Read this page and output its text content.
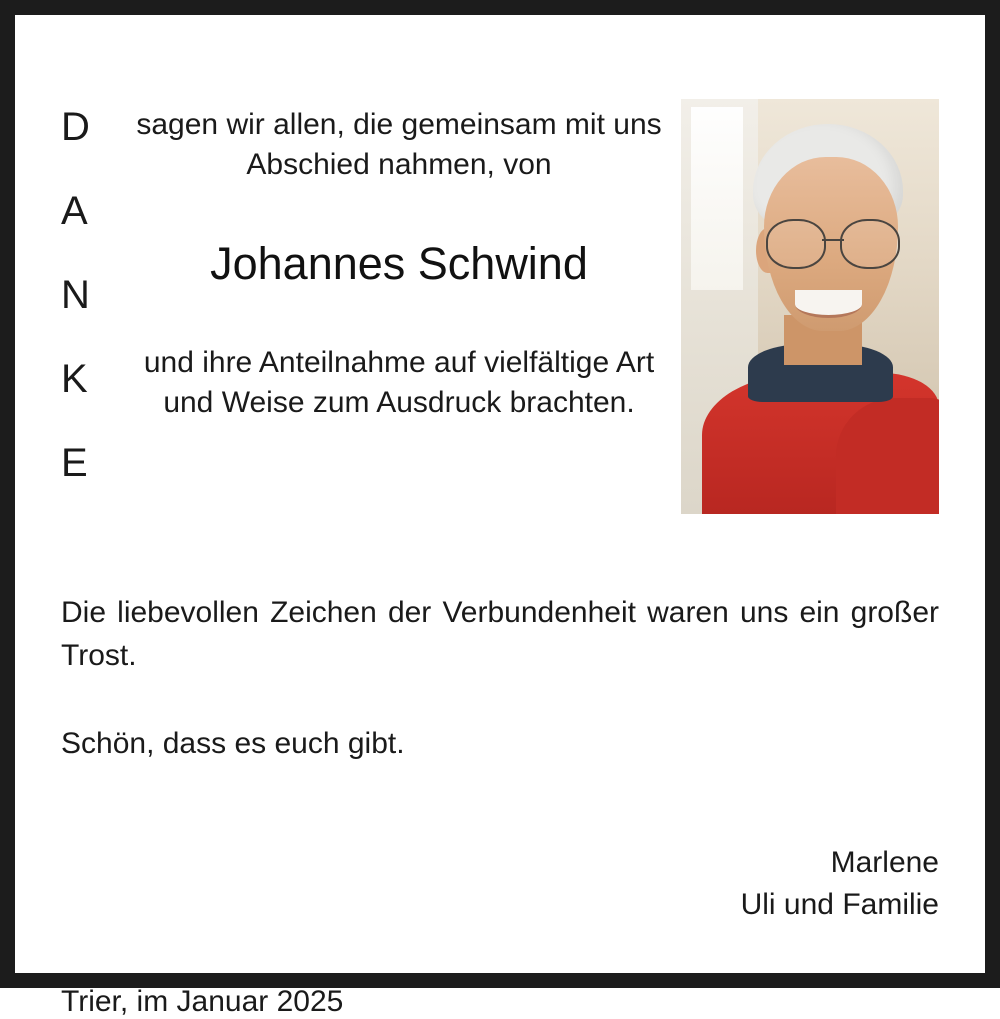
D
A
N
K
E
sagen wir allen, die gemeinsam mit uns Abschied nahmen, von
Johannes Schwind
und ihre Anteilnahme auf vielfältige Art und Weise zum Ausdruck brachten.
Die liebevollen Zeichen der Verbundenheit waren uns ein großer Trost.
Schön, dass es euch gibt.
Marlene
Uli und Familie
Trier, im Januar 2025
